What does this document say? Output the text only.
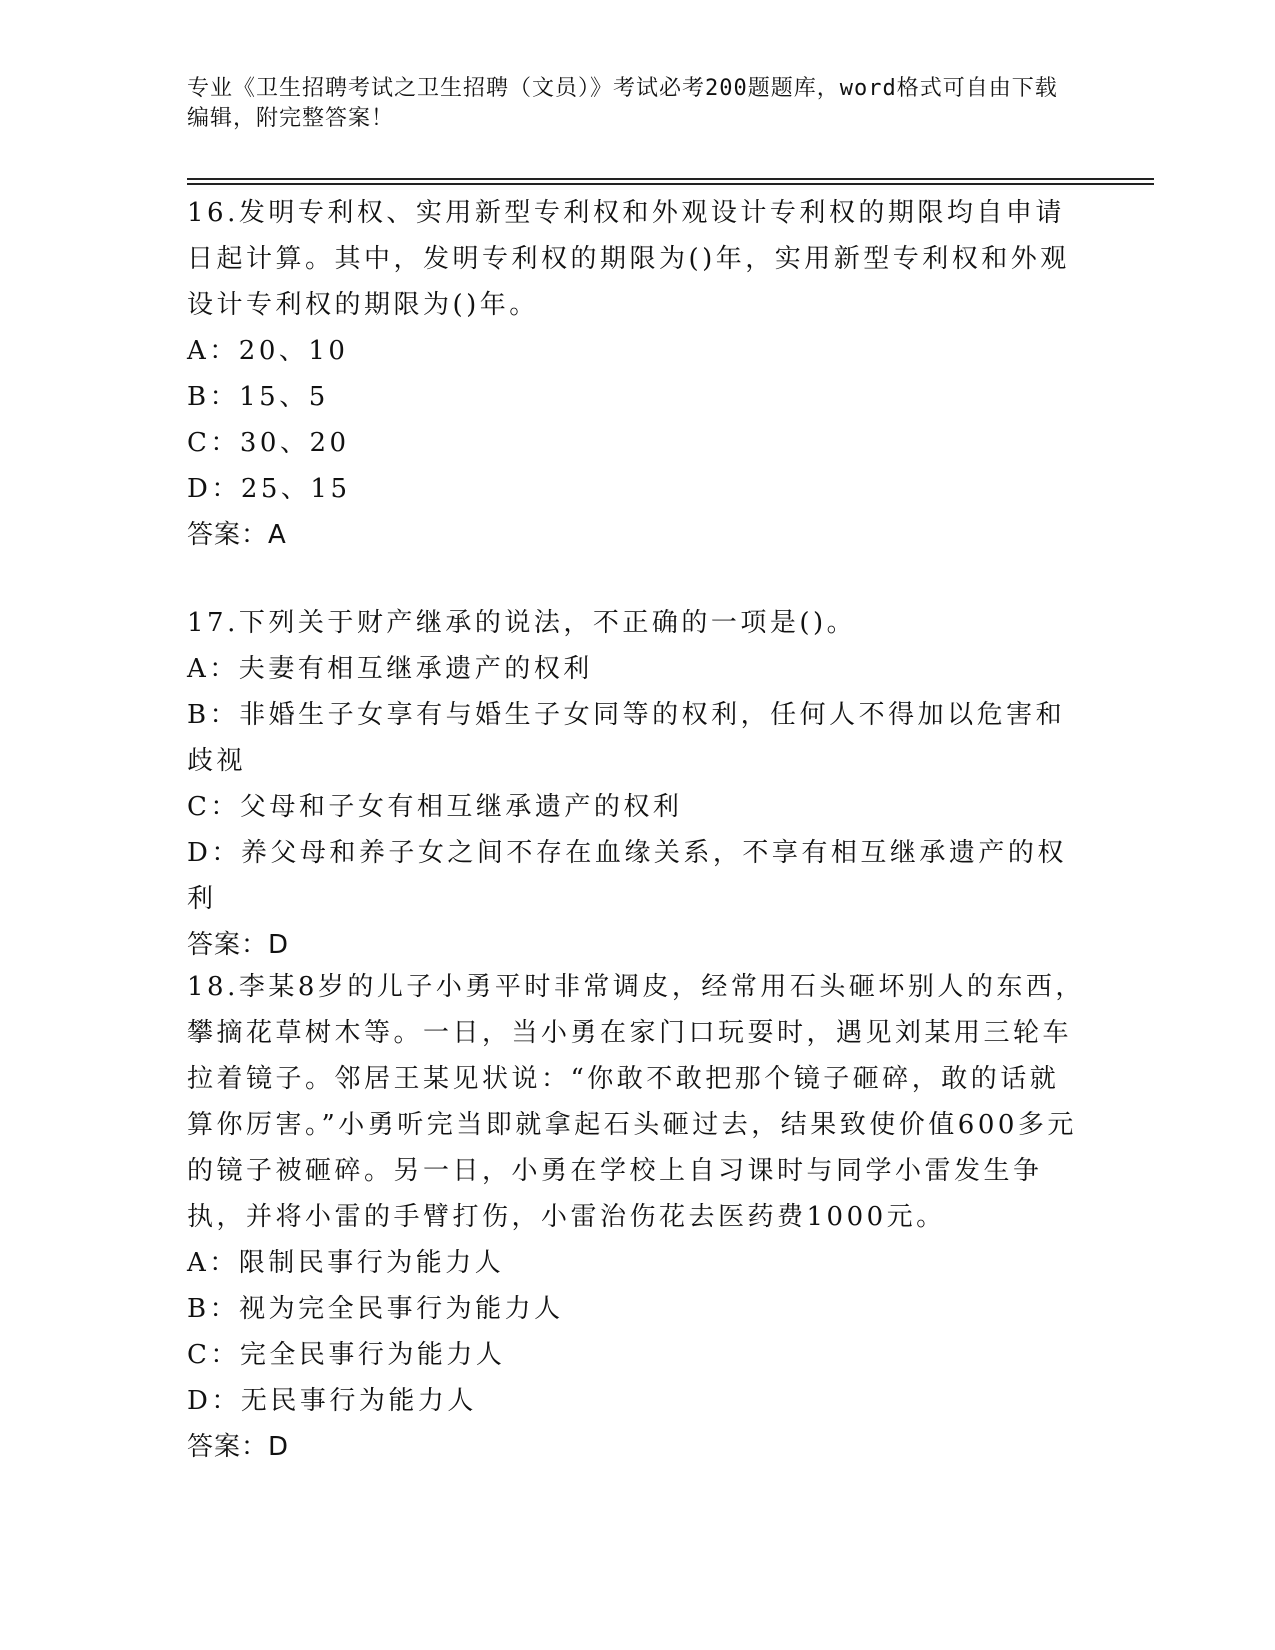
专业《卫生招聘考试之卫生招聘（文员）》考试必考200题题库，word格式可自由下载编辑，附完整答案！

16.发明专利权、实用新型专利权和外观设计专利权的期限均自申请日起计算。其中，发明专利权的期限为()年，实用新型专利权和外观设计专利权的期限为()年。

A：20、10

B：15、5

C：30、20

D：25、15

答案：A

17.下列关于财产继承的说法，不正确的一项是()。

A：夫妻有相互继承遗产的权利

B：非婚生子女享有与婚生子女同等的权利，任何人不得加以危害和歧视

C：父母和子女有相互继承遗产的权利

D：养父母和养子女之间不存在血缘关系，不享有相互继承遗产的权利

答案：D

18.李某8岁的儿子小勇平时非常调皮，经常用石头砸坏别人的东西，攀摘花草树木等。一日，当小勇在家门口玩耍时，遇见刘某用三轮车拉着镜子。邻居王某见状说：“你敢不敢把那个镜子砸碎，敢的话就算你厉害。”小勇听完当即就拿起石头砸过去，结果致使价值600多元的镜子被砸碎。另一日，小勇在学校上自习课时与同学小雷发生争执，并将小雷的手臂打伤，小雷治伤花去医药费1000元。

A：限制民事行为能力人

B：视为完全民事行为能力人

C：完全民事行为能力人

D：无民事行为能力人

答案：D
